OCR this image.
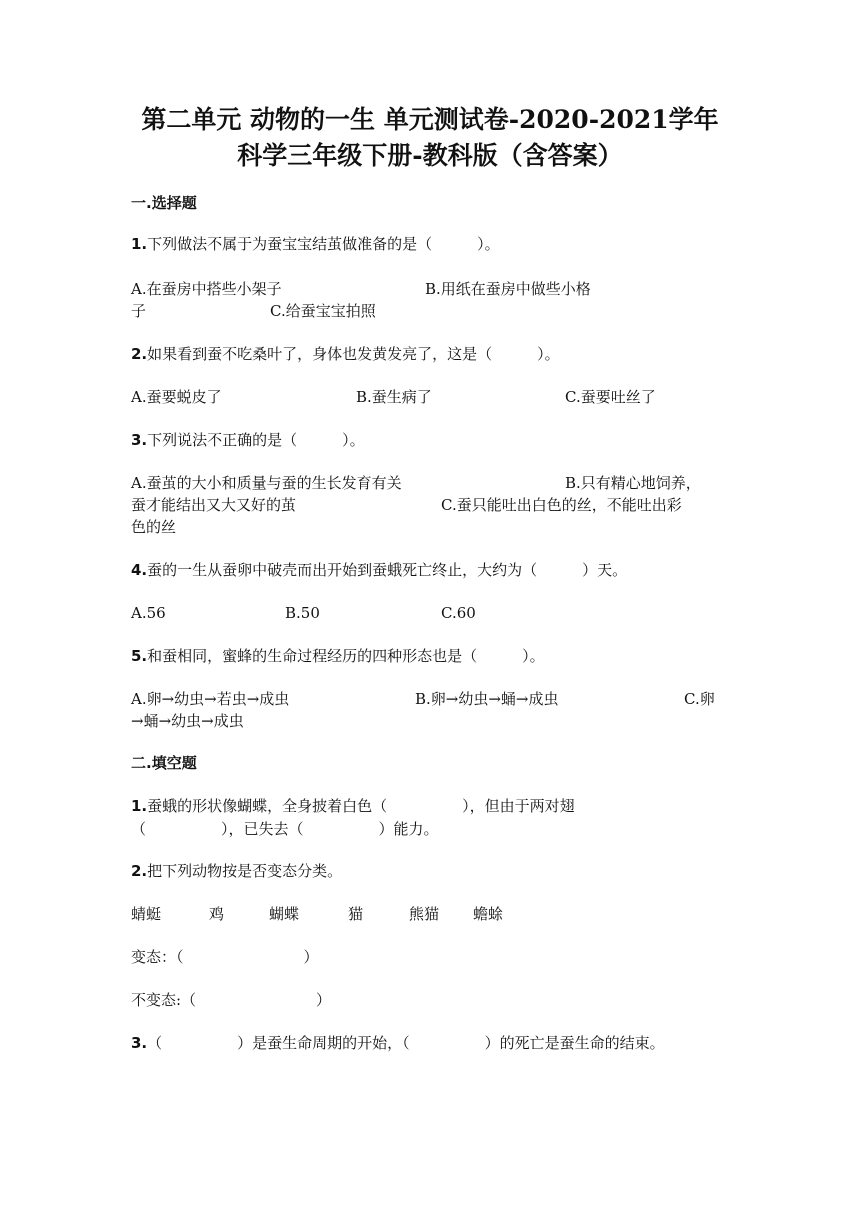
第二单元 动物的一生 单元测试卷-2020-2021学年
科学三年级下册-教科版（含答案）
一.选择题
1.下列做法不属于为蚕宝宝结茧做准备的是（　　　）。
A.在蚕房中搭些小架子	B.用纸在蚕房中做些小格
子	C.给蚕宝宝拍照
2.如果看到蚕不吃桑叶了，身体也发黄发亮了，这是（　　　）。
A.蚕要蜕皮了	B.蚕生病了	C.蚕要吐丝了
3.下列说法不正确的是（　　　）。
A.蚕茧的大小和质量与蚕的生长发育有关	B.只有精心地饲养，
蚕才能结出又大又好的茧	C.蚕只能吐出白色的丝，不能吐出彩
色的丝
4.蚕的一生从蚕卵中破壳而出开始到蚕蛾死亡终止，大约为（　　　）天。
A.56	B.50	C.60
5.和蚕相同，蜜蜂的生命过程经历的四种形态也是（　　　）。
A.卵→幼虫→若虫→成虫	B.卵→幼虫→蛹→成虫	C.卵
→蛹→幼虫→成虫
二.填空题
1.蚕蛾的形状像蝴蝶，全身披着白色（　　　　　），但由于两对翅
（　　　　　），已失去（　　　　　）能力。
2.把下列动物按是否变态分类。
蜻蜓	鸡	蝴蝶	猫	熊猫 蟾蜍
变态：（　　　　　　　　）
不变态:（　　　　　　　　）
3.（　　　　　）是蚕生命周期的开始，（　　　　　）的死亡是蚕生命的结束。
